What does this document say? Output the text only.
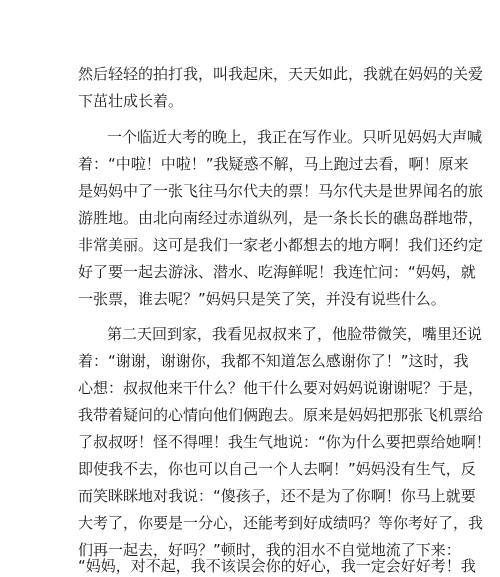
然后轻轻的拍打我，叫我起床，天天如此，我就在妈妈的关爱
下茁壮成长着。
一个临近大考的晚上，我正在写作业。只听见妈妈大声喊
着：“中啦！中啦！”我疑惑不解，马上跑过去看，啊！原来
是妈妈中了一张飞往马尔代夫的票！马尔代夫是世界闻名的旅
游胜地。由北向南经过赤道纵列，是一条长长的礁岛群地带，
非常美丽。这可是我们一家老小都想去的地方啊！我们还约定
好了要一起去游泳、潜水、吃海鲜呢！我连忙问：“妈妈，就
一张票，谁去呢？”妈妈只是笑了笑，并没有说些什么。
第二天回到家，我看见叔叔来了，他脸带微笑，嘴里还说
着：“谢谢，谢谢你，我都不知道怎么感谢你了！”这时，我
心想：叔叔他来干什么？他干什么要对妈妈说谢谢呢？于是，
我带着疑问的心情向他们俩跑去。原来是妈妈把那张飞机票给
了叔叔呀！怪不得哩！我生气地说：“你为什么要把票给她啊！
即使我不去，你也可以自己一个人去啊！”妈妈没有生气，反
而笑眯眯地对我说：“傻孩子，还不是为了你啊！你马上就要
大考了，你要是一分心，还能考到好成绩吗？等你考好了，我
们再一起去，好吗？”顿时，我的泪水不自觉地流了下来：
“妈妈，对不起，我不该误会你的好心，我一定会好好考！我
